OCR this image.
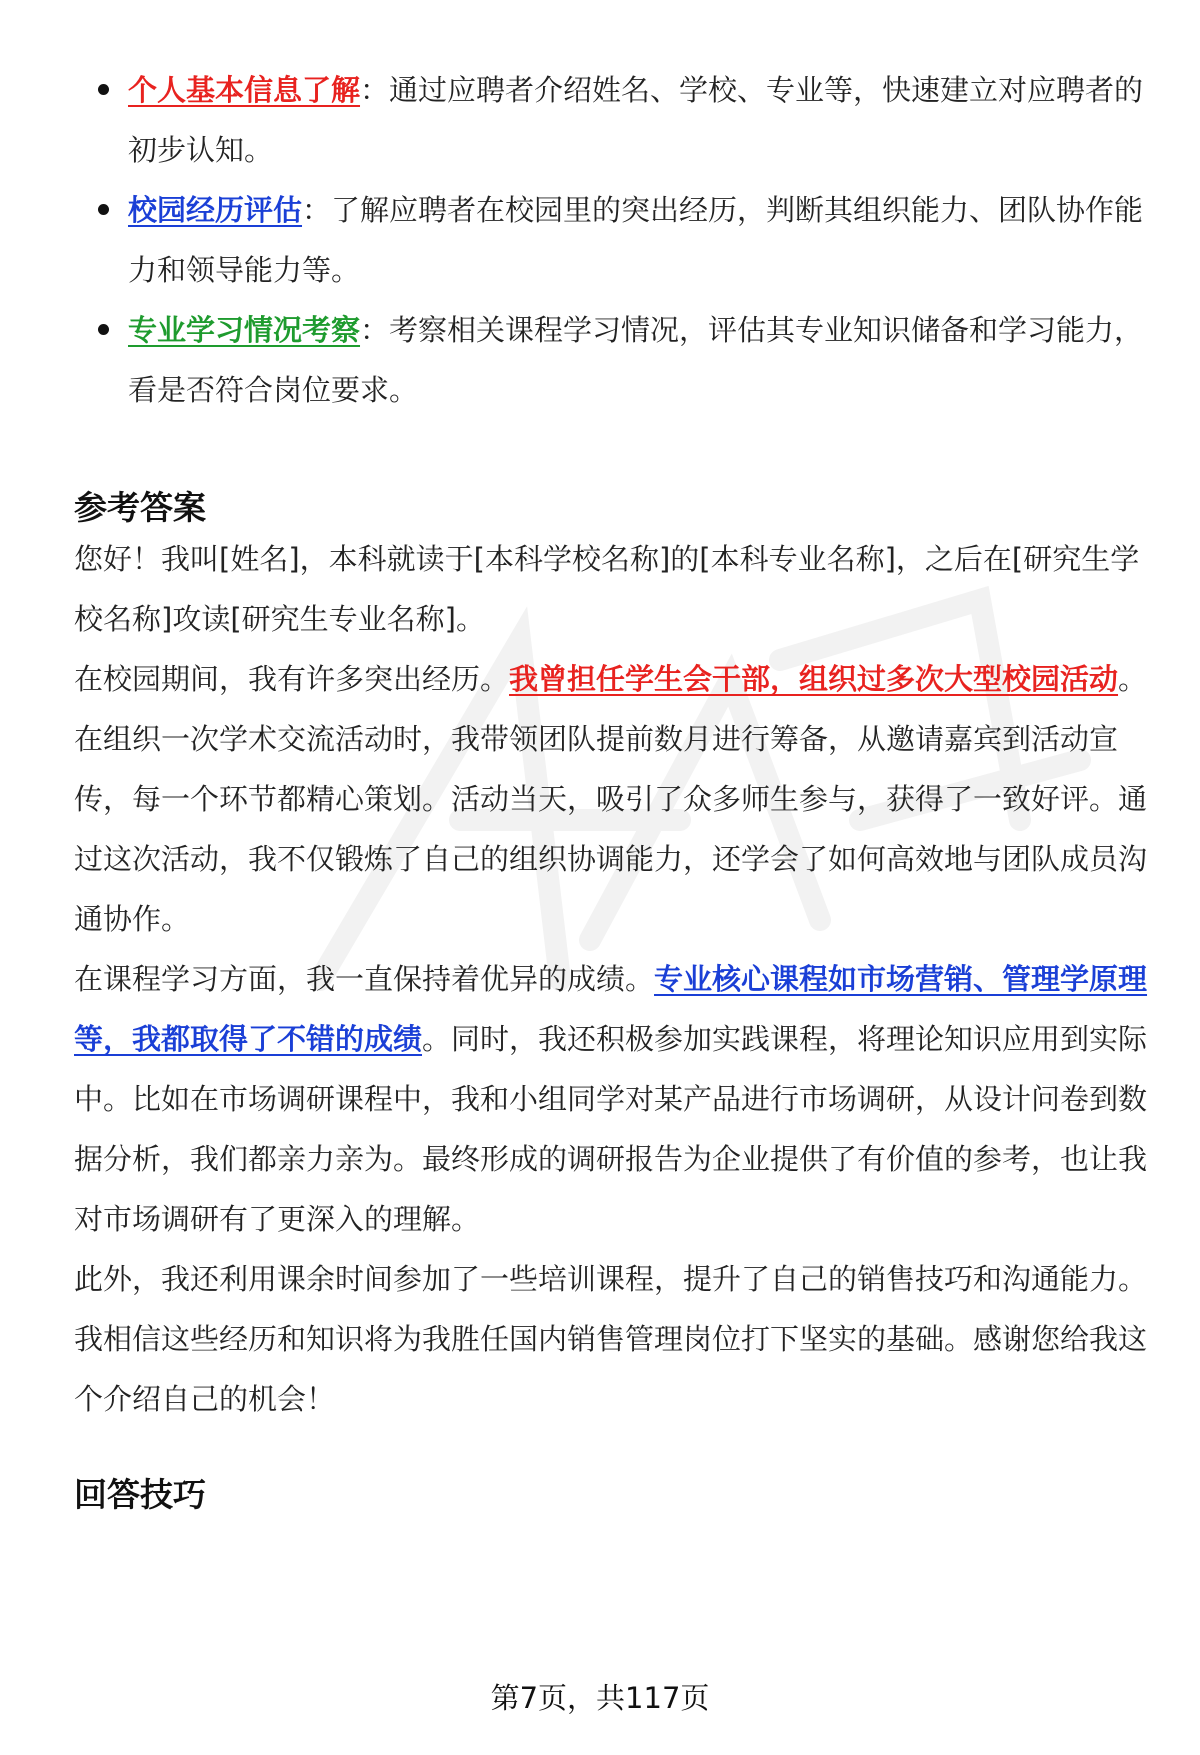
个人基本信息了解：通过应聘者介绍姓名、学校、专业等，快速建立对应聘者的初步认知。
校园经历评估：了解应聘者在校园里的突出经历，判断其组织能力、团队协作能力和领导能力等。
专业学习情况考察：考察相关课程学习情况，评估其专业知识储备和学习能力，看是否符合岗位要求。
参考答案

您好！我叫[姓名]，本科就读于[本科学校名称]的[本科专业名称]，之后在[研究生学校名称]攻读[研究生专业名称]。

在校园期间，我有许多突出经历。我曾担任学生会干部，组织过多次大型校园活动。在组织一次学术交流活动时，我带领团队提前数月进行筹备，从邀请嘉宾到活动宣传，每一个环节都精心策划。活动当天，吸引了众多师生参与，获得了一致好评。通过这次活动，我不仅锻炼了自己的组织协调能力，还学会了如何高效地与团队成员沟通协作。

在课程学习方面，我一直保持着优异的成绩。专业核心课程如市场营销、管理学原理等，我都取得了不错的成绩。同时，我还积极参加实践课程，将理论知识应用到实际中。比如在市场调研课程中，我和小组同学对某产品进行市场调研，从设计问卷到数据分析，我们都亲力亲为。最终形成的调研报告为企业提供了有价值的参考，也让我对市场调研有了更深入的理解。

此外，我还利用课余时间参加了一些培训课程，提升了自己的销售技巧和沟通能力。我相信这些经历和知识将为我胜任国内销售管理岗位打下坚实的基础。感谢您给我这个介绍自己的机会！

回答技巧
第7页，共117页
